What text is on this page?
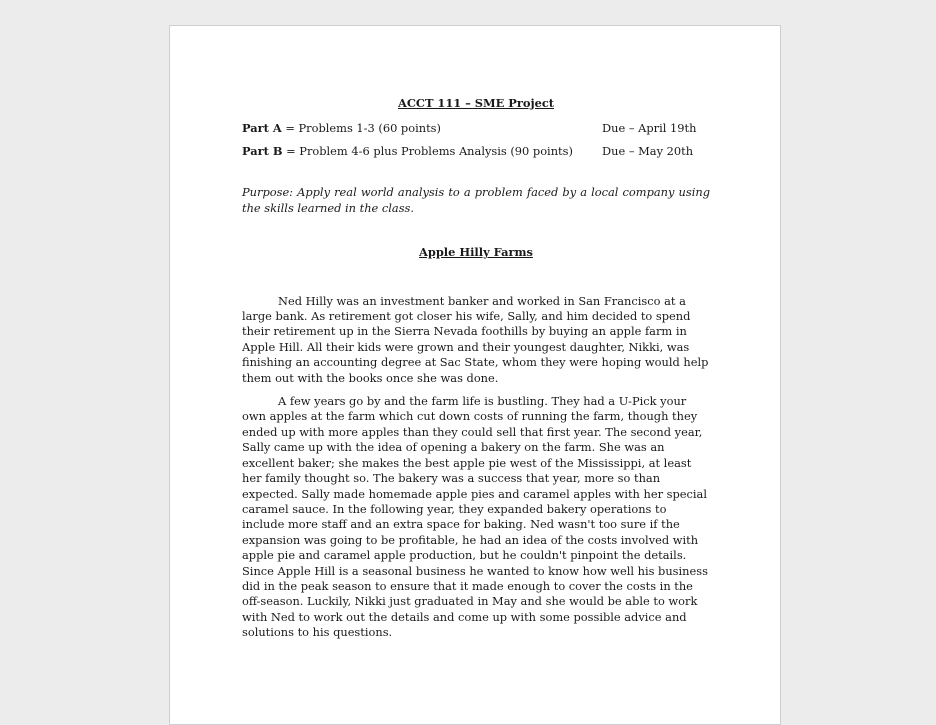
ACCT 111 – SME Project
Part A = Problems 1-3 (60 points)	Due – April 19th
Part B = Problem 4-6 plus Problems Analysis (90 points)	Due – May 20th
Purpose: Apply real world analysis to a problem faced by a local company using the skills learned in the class.
Apple Hilly Farms

Ned Hilly was an investment banker and worked in San Francisco at a large bank. As retirement got closer his wife, Sally, and him decided to spend their retirement up in the Sierra Nevada foothills by buying an apple farm in Apple Hill. All their kids were grown and their youngest daughter, Nikki, was finishing an accounting degree at Sac State, whom they were hoping would help them out with the books once she was done.

A few years go by and the farm life is bustling. They had a U-Pick your own apples at the farm which cut down costs of running the farm, though they ended up with more apples than they could sell that first year. The second year, Sally came up with the idea of opening a bakery on the farm. She was an excellent baker; she makes the best apple pie west of the Mississippi, at least her family thought so. The bakery was a success that year, more so than expected. Sally made homemade apple pies and caramel apples with her special caramel sauce. In the following year, they expanded bakery operations to include more staff and an extra space for baking. Ned wasn't too sure if the expansion was going to be profitable, he had an idea of the costs involved with apple pie and caramel apple production, but he couldn't pinpoint the details. Since Apple Hill is a seasonal business he wanted to know how well his business did in the peak season to ensure that it made enough to cover the costs in the off-season. Luckily, Nikki just graduated in May and she would be able to work with Ned to work out the details and come up with some possible advice and solutions to his questions.
